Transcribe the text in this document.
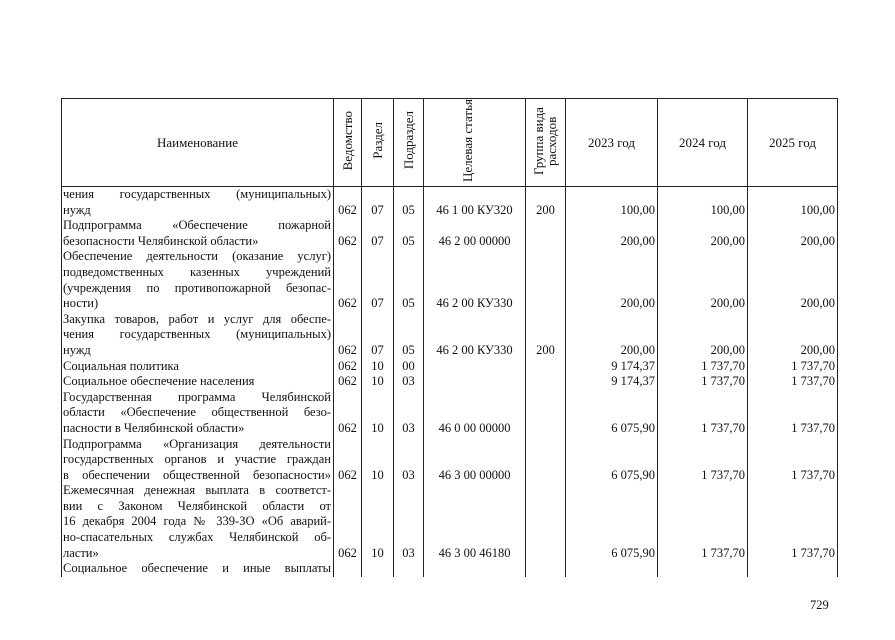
Наименование	Ведомство	Раздел	Подраздел	Целевая статья	Группа вида расходов	2023 год	2024 год	2025 год

чения государственных (муниципальных)
нужд	062	07	05	46 1 00 КУ320	200	100,00	100,00	100,00

Подпрограмма «Обеспечение пожарной
безопасности Челябинской области»	062	07	05	46 2 00 00000		200,00	200,00	200,00

Обеспечение деятельности (оказание услуг)
подведомственных казенных учреждений
(учреждения по противопожарной безопас-
ности)	062	07	05	46 2 00 КУ330		200,00	200,00	200,00

Закупка товаров, работ и услуг для обеспе-
чения государственных (муниципальных)
нужд	062	07	05	46 2 00 КУ330	200	200,00	200,00	200,00

Социальная политика	062	10	00			9 174,37	1 737,70	1 737,70

Социальное обеспечение населения	062	10	03			9 174,37	1 737,70	1 737,70

Государственная программа Челябинской
области «Обеспечение общественной безо-
пасности в Челябинской области»	062	10	03	46 0 00 00000		6 075,90	1 737,70	1 737,70

Подпрограмма «Организация деятельности
государственных органов и участие граждан
в обеспечении общественной безопасности»	062	10	03	46 3 00 00000		6 075,90	1 737,70	1 737,70

Ежемесячная денежная выплата в соответст-
вии с Законом Челябинской области от
16 декабря 2004 года № 339-ЗО «Об аварий-
но-спасательных службах Челябинской об-
ласти»	062	10	03	46 3 00 46180		6 075,90	1 737,70	1 737,70

Социальное обеспечение и иные выплаты								

729
